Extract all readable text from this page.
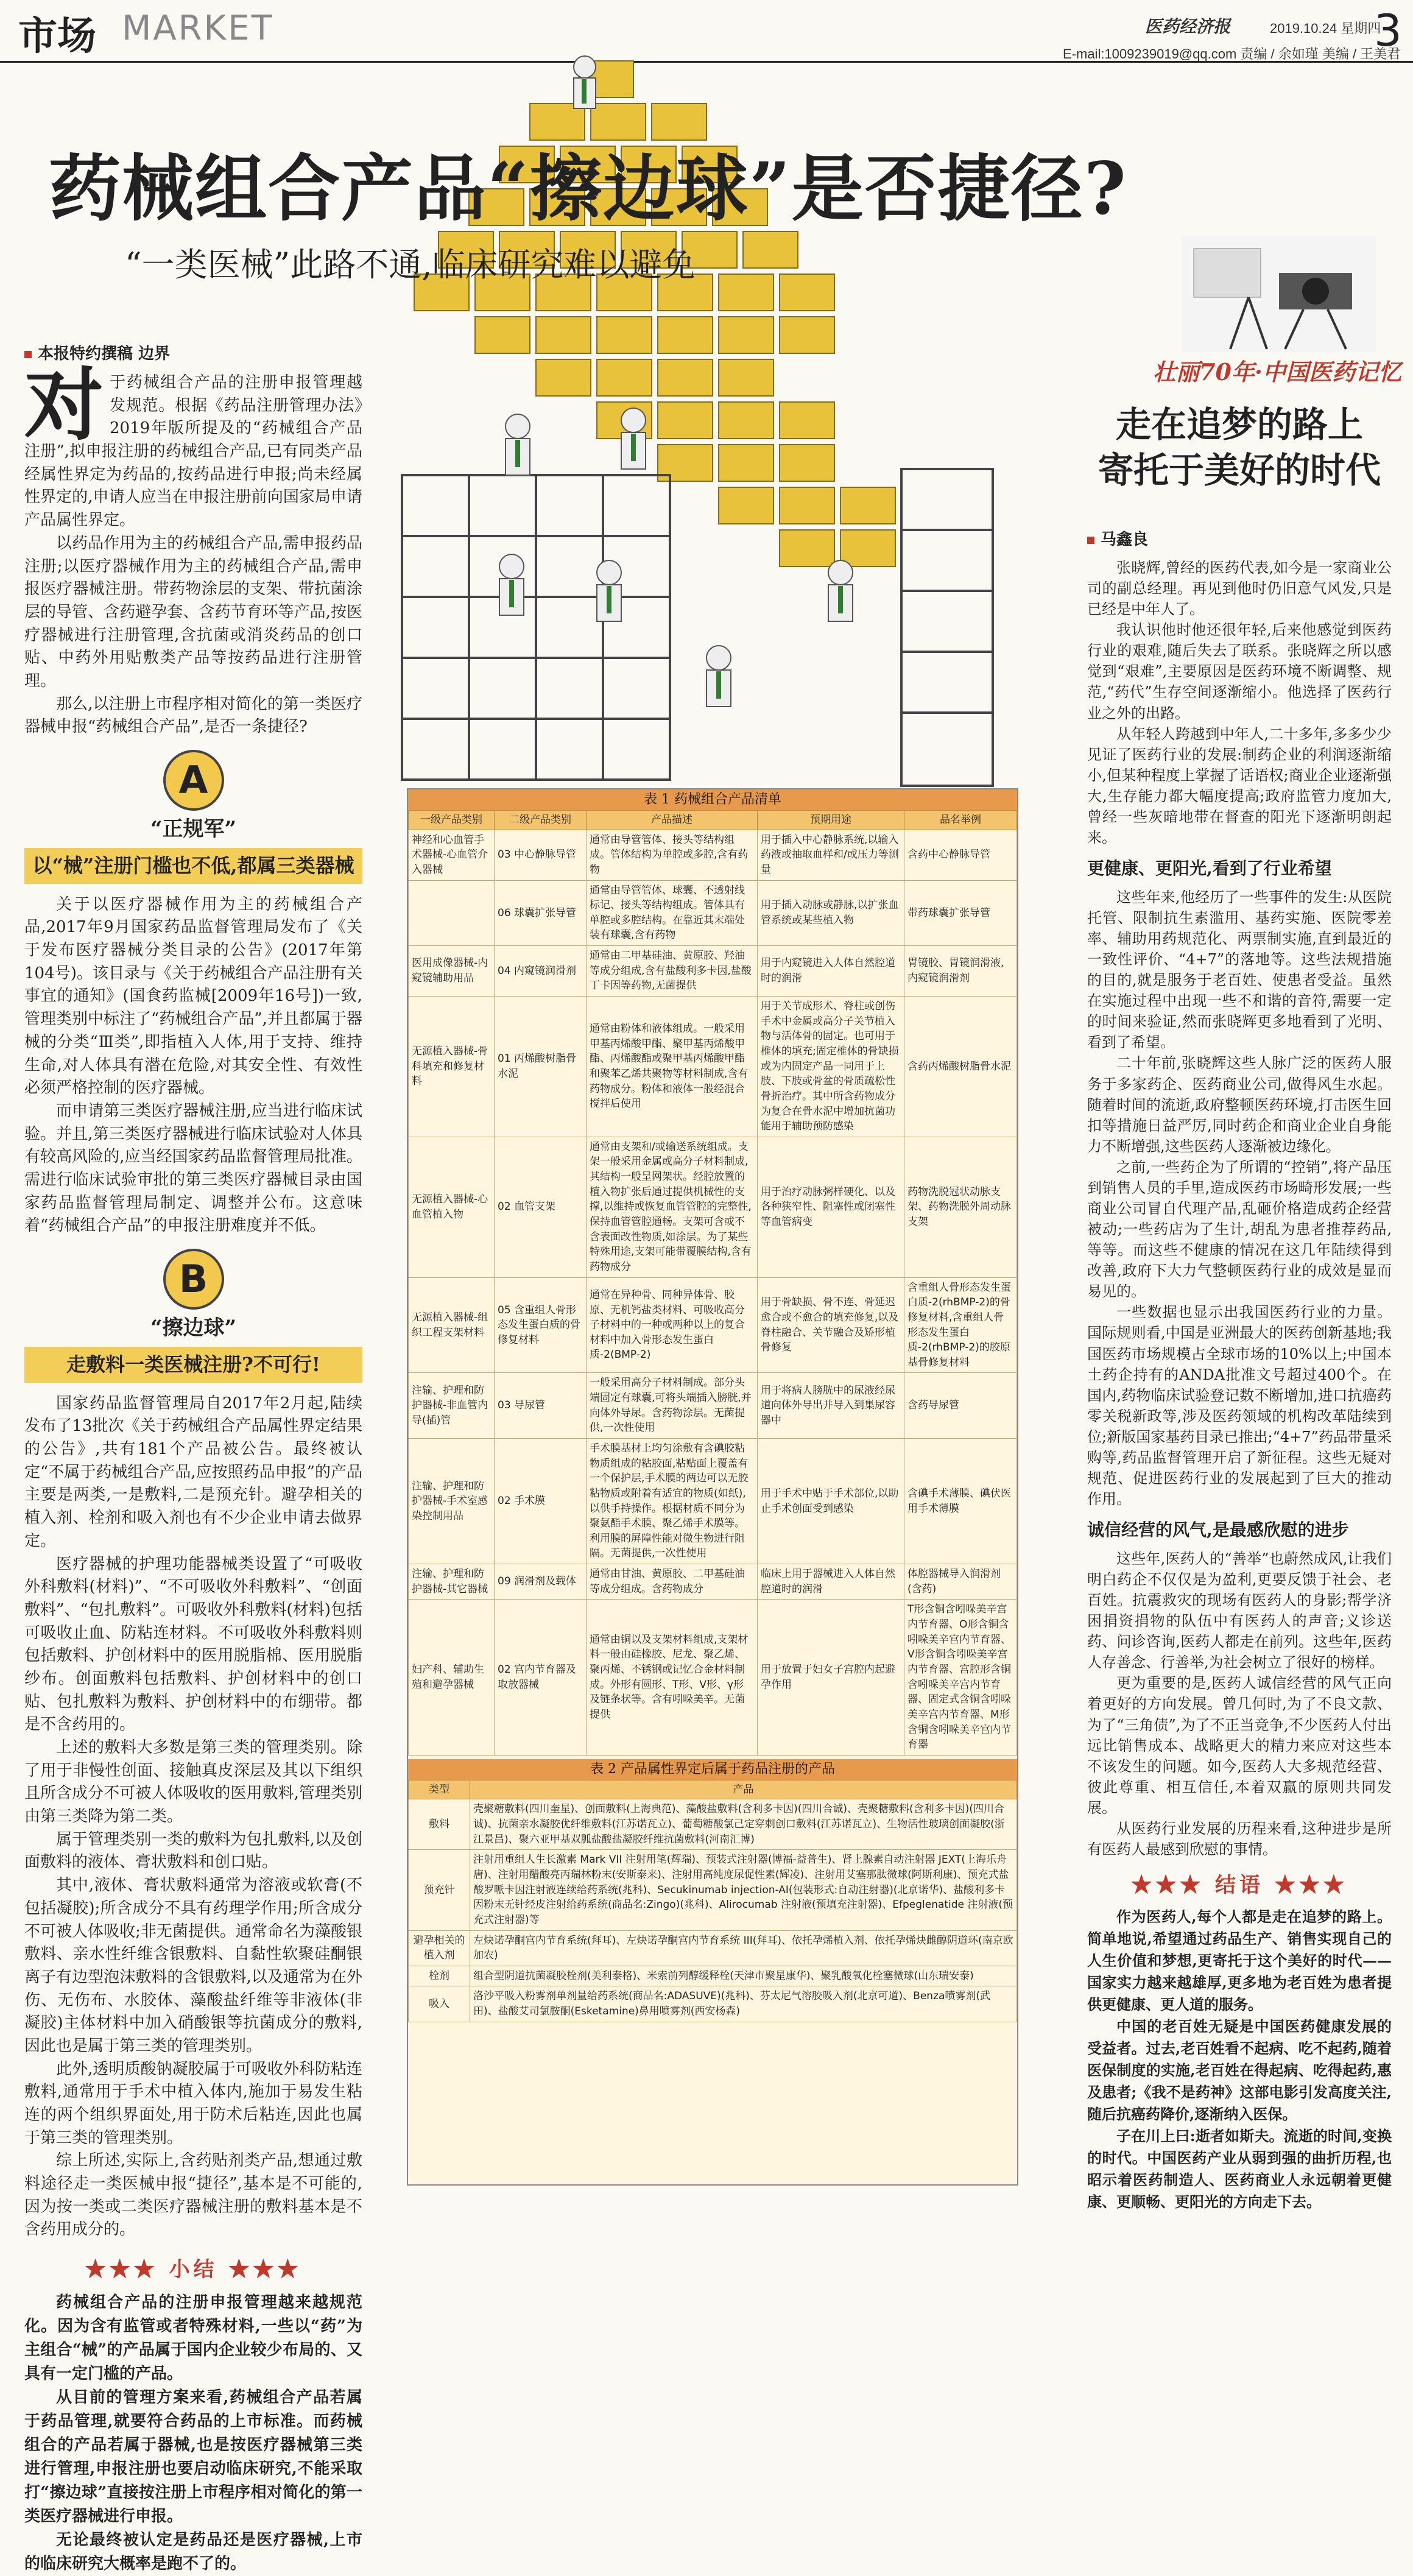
市场 MARKET	医药经济报	2019.10.24 星期四
3
E-mail:1009239019@qq.com 责编 / 余如瑾 美编 / 王美君
药械组合产品“擦边球”是否捷径?
“一类医械”此路不通,临床研究难以避免
本报特约撰稿 边界

对于药械组合产品的注册申报管理越发规范。根据《药品注册管理办法》2019年版所提及的“药械组合产品注册”,拟申报注册的药械组合产品,已有同类产品经属性界定为药品的,按药品进行申报;尚未经属性界定的,申请人应当在申报注册前向国家局申请产品属性界定。

以药品作用为主的药械组合产品,需申报药品注册;以医疗器械作用为主的药械组合产品,需申报医疗器械注册。带药物涂层的支架、带抗菌涂层的导管、含药避孕套、含药节育环等产品,按医疗器械进行注册管理,含抗菌或消炎药品的创口贴、中药外用贴敷类产品等按药品进行注册管理。

那么,以注册上市程序相对简化的第一类医疗器械申报“药械组合产品”,是否一条捷径?

A
“正规军”
以“械”注册门槛也不低,都属三类器械

关于以医疗器械作用为主的药械组合产品,2017年9月国家药品监督管理局发布了《关于发布医疗器械分类目录的公告》(2017年第104号)。该目录与《关于药械组合产品注册有关事宜的通知》(国食药监械[2009年16号])一致,管理类别中标注了“药械组合产品”,并且都属于器械的分类“Ⅲ类”,即指植入人体,用于支持、维持生命,对人体具有潜在危险,对其安全性、有效性必须严格控制的医疗器械。

而申请第三类医疗器械注册,应当进行临床试验。并且,第三类医疗器械进行临床试验对人体具有较高风险的,应当经国家药品监督管理局批准。需进行临床试验审批的第三类医疗器械目录由国家药品监督管理局制定、调整并公布。这意味着“药械组合产品”的申报注册难度并不低。

B
“擦边球”
走敷料一类医械注册?不可行!

国家药品监督管理局自2017年2月起,陆续发布了13批次《关于药械组合产品属性界定结果的公告》,共有181个产品被公告。最终被认定“不属于药械组合产品,应按照药品申报”的产品主要是两类,一是敷料,二是预充针。避孕相关的植入剂、栓剂和吸入剂也有不少企业申请去做界定。

医疗器械的护理功能器械类设置了“可吸收外科敷料(材料)”、“不可吸收外科敷料”、“创面敷料”、“包扎敷料”。可吸收外科敷料(材料)包括可吸收止血、防粘连材料。不可吸收外科敷料则包括敷料、护创材料中的医用脱脂棉、医用脱脂纱布。创面敷料包括敷料、护创材料中的创口贴、包扎敷料为敷料、护创材料中的布绷带。都是不含药用的。

上述的敷料大多数是第三类的管理类别。除了用于非慢性创面、接触真皮深层及其以下组织且所含成分不可被人体吸收的医用敷料,管理类别由第三类降为第二类。

属于管理类别一类的敷料为包扎敷料,以及创面敷料的液体、膏状敷料和创口贴。

其中,液体、膏状敷料通常为溶液或软膏(不包括凝胶);所含成分不具有药理学作用;所含成分不可被人体吸收;非无菌提供。通常命名为藻酸银敷料、亲水性纤维含银敷料、自黏性软聚硅酮银离子有边型泡沫敷料的含银敷料,以及通常为在外伤、无伤布、水胶体、藻酸盐纤维等非液体(非凝胶)主体材料中加入硝酸银等抗菌成分的敷料,因此也是属于第三类的管理类别。

此外,透明质酸钠凝胶属于可吸收外科防粘连敷料,通常用于手术中植入体内,施加于易发生粘连的两个组织界面处,用于防术后粘连,因此也属于第三类的管理类别。

综上所述,实际上,含药贴剂类产品,想通过敷料途径走一类医械申报“捷径”,基本是不可能的,因为按一类或二类医疗器械注册的敷料基本是不含药用成分的。

★★★ 小结 ★★★

药械组合产品的注册申报管理越来越规范化。因为含有监管或者特殊材料,一些以“药”为主组合“械”的产品属于国内企业较少布局的、又具有一定门槛的产品。

从目前的管理方案来看,药械组合产品若属于药品管理,就要符合药品的上市标准。而药械组合的产品若属于器械,也是按医疗器械第三类进行管理,申报注册也要启动临床研究,不能采取打“擦边球”直接按注册上市程序相对简化的第一类医疗器械进行申报。

无论最终被认定是药品还是医疗器械,上市的临床研究大概率是跑不了的。

表 1 药械组合产品清单
一级产品类别	二级产品类别	产品描述	预期用途	品名举例
神经和心血管手术器械-心血管介入器械	03 中心静脉导管	通常由导管管体、接头等结构组成。管体结构为单腔或多腔,含有药物	用于插入中心静脉系统,以输入药液或抽取血样和/或压力等测量	含药中心静脉导管
	06 球囊扩张导管	通常由导管管体、球囊、不透射线标记、接头等结构组成。管体具有单腔或多腔结构。在靠近其末端处装有球囊,含有药物	用于插入动脉或静脉,以扩张血管系统或某些植入物	带药球囊扩张导管
医用成像器械-内窥镜辅助用品	04 内窥镜润滑剂	通常由二甲基硅油、黄原胶、羟油等成分组成,含有盐酸利多卡因,盐酸丁卡因等药物,无菌提供	用于内窥镜进入人体自然腔道时的润滑	胃镜胶、胃镜润滑液,内窥镜润滑剂
无源植入器械-骨科填充和修复材料	01 丙烯酸树脂骨水泥	通常由粉体和液体组成。一般采用甲基丙烯酸甲酯、聚甲基丙烯酸甲酯、丙烯酸酯或聚甲基丙烯酸甲酯和聚苯乙烯共聚物等材料制成,含有药物成分。粉体和液体一般经混合搅拌后使用	用于关节成形术、脊柱或创伤手术中金属或高分子关节植入物与活体骨的固定。也可用于椎体的填充;固定椎体的骨缺损或为内固定产品一同用于上肢、下肢或骨盆的骨质疏松性骨折治疗。其中所含药物成分为复合在骨水泥中增加抗菌功能用于辅助预防感染	含药丙烯酸树脂骨水泥
无源植入器械-心血管植入物	02 血管支架	通常由支架和/或输送系统组成。支架一般采用金属或高分子材料制成,其结构一般呈网架状。经腔放置的植入物扩张后通过提供机械性的支撑,以维持或恢复血管管腔的完整性,保持血管管腔通畅。支架可含或不含表面改性物质,如涂层。为了某些特殊用途,支架可能带覆膜结构,含有药物成分	用于治疗动脉粥样硬化、以及各种狭窄性、阻塞性或闭塞性等血管病变	药物洗脱冠状动脉支架、药物洗脱外周动脉支架
无源植入器械-组织工程支架材料	05 含重组人骨形态发生蛋白质的骨修复材料	通常在异种骨、同种异体骨、胶原、无机钙盐类材料、可吸收高分子材料中的一种或两种以上的复合材料中加入骨形态发生蛋白质-2(BMP-2)	用于骨缺损、骨不连、骨延迟愈合或不愈合的填充修复,以及脊柱融合、关节融合及矫形植骨修复	含重组人骨形态发生蛋白质-2(rhBMP-2)的骨修复材料,含重组人骨形态发生蛋白质-2(rhBMP-2)的胶原基骨修复材料
注输、护理和防护器械-非血管内导(插)管	03 导尿管	一般采用高分子材料制成。部分头端固定有球囊,可将头端插入膀胱,并向体外导尿。含药物涂层。无菌提供,一次性使用	用于将病人膀胱中的尿液经尿道向体外导出并导入到集尿容器中	含药导尿管
注输、护理和防护器械-手术室感染控制用品	02 手术膜	手术膜基材上均匀涂敷有含碘胶粘物质组成的粘胶面,粘贴面上覆盖有一个保护层,手术膜的两边可以无胶粘物质或附着有适宜的物质(如纸),以供手持操作。根据材质不同分为聚氨酯手术膜、聚乙烯手术膜等。利用膜的屏障性能对微生物进行阻隔。无菌提供,一次性使用	用于手术中贴于手术部位,以助止手术创面受到感染	含碘手术薄膜、碘伏医用手术薄膜
注输、护理和防护器械-其它器械	09 润滑剂及载体	通常由甘油、黄原胶、二甲基硅油等成分组成。含药物成分	临床上用于器械进入人体自然腔道时的润滑	体腔器械导入润滑剂(含药)
妇产科、辅助生殖和避孕器械	02 宫内节育器及取放器械	通常由铜以及支架材料组成,支架材料一般由硅橡胶、尼龙、聚乙烯、聚丙烯、不锈钢或记忆合金材料制成。外形有圆形、T形、V形、γ形及链条状等。含有吲哚美辛。无菌提供	用于放置于妇女子宫腔内起避孕作用	T形含铜含吲哚美辛宫内节育器、O形含铜含吲哚美辛宫内节育器、V形含铜含吲哚美辛宫内节育器、宫腔形含铜含吲哚美辛宫内节育器、固定式含铜含吲哚美辛宫内节育器、M形含铜含吲哚美辛宫内节育器
表 2 产品属性界定后属于药品注册的产品
类型	产品
敷料	壳聚糖敷料(四川奎星)、创面敷料(上海典范)、藻酸盐敷料(含利多卡因)(四川合诚)、壳聚糖敷料(含利多卡因)(四川合诚)、抗菌亲水凝胶优纤维敷料(江苏诺瓦立)、葡萄糖酸氯己定穿刺创口敷料(江苏诺瓦立)、生物活性玻璃创面凝胶(浙江景昌)、聚六亚甲基双胍盐酸盐凝胶纤维抗菌敷料(河南汇博)
预充针	注射用重组人生长激素 Mark VII 注射用笔(辉瑞)、预装式注射器(博福-益普生)、肾上腺素自动注射器 JEXT(上海乐舟唐)、注射用醋酸亮丙瑞林粉末(安斯泰来)、注射用高纯度尿促性素(辉凌)、注射用艾塞那肽微球(阿斯利康)、预充式盐酸罗哌卡因注射液连续给药系统(兆科)、Secukinumab injection-AI(包装形式:自动注射器)(北京诺华)、盐酸利多卡因粉末无针经皮注射给药系统(商品名:Zingo)(兆科)、Alirocumab 注射液(预填充注射器)、Efpeglenatide 注射液(预充式注射器)等
避孕相关的植入剂	左炔诺孕酮宫内节育系统(拜耳)、左炔诺孕酮宫内节育系统 III(拜耳)、依托孕烯植入剂、依托孕烯炔雌醇阴道环(南京欧加农)
栓剂	组合型阴道抗菌凝胶栓剂(美利泰格)、米索前列醇缓释栓(天津市聚星康华)、聚乳酸氧化栓塞微球(山东瑞安泰)
吸入	洛沙平吸入粉雾剂单剂量给药系统(商品名:ADASUVE)(兆科)、芬太尼气溶胶吸入剂(北京可道)、Benza喷雾剂(武田)、盐酸艾司氯胺酮(Esketamine)鼻用喷雾剂(西安杨森)
壮丽70年·中国医药记忆
走在追梦的路上
寄托于美好的时代
马鑫良

张晓辉,曾经的医药代表,如今是一家商业公司的副总经理。再见到他时仍旧意气风发,只是已经是中年人了。

我认识他时他还很年轻,后来他感觉到医药行业的艰难,随后失去了联系。张晓辉之所以感觉到“艰难”,主要原因是医药环境不断调整、规范,“药代”生存空间逐渐缩小。他选择了医药行业之外的出路。

从年轻人跨越到中年人,二十多年,多多少少见证了医药行业的发展:制药企业的利润逐渐缩小,但某种程度上掌握了话语权;商业企业逐渐强大,生存能力都大幅度提高;政府监管力度加大,曾经一些灰暗地带在督查的阳光下逐渐明朗起来。

更健康、更阳光,看到了行业希望

这些年来,他经历了一些事件的发生:从医院托管、限制抗生素滥用、基药实施、医院零差率、辅助用药规范化、两票制实施,直到最近的一致性评价、“4+7”的落地等。这些法规措施的目的,就是服务于老百姓、使患者受益。虽然在实施过程中出现一些不和谐的音符,需要一定的时间来验证,然而张晓辉更多地看到了光明、看到了希望。

二十年前,张晓辉这些人脉广泛的医药人服务于多家药企、医药商业公司,做得风生水起。随着时间的流逝,政府整顿医药环境,打击医生回扣等措施日益严厉,同时药企和商业企业自身能力不断增强,这些医药人逐渐被边缘化。

之前,一些药企为了所谓的“控销”,将产品压到销售人员的手里,造成医药市场畸形发展;一些商业公司冒自代理产品,乱砸价格造成药企经营被动;一些药店为了生计,胡乱为患者推荐药品,等等。而这些不健康的情况在这几年陆续得到改善,政府下大力气整顿医药行业的成效是显而易见的。

一些数据也显示出我国医药行业的力量。国际规则看,中国是亚洲最大的医药创新基地;我国医药市场规模占全球市场的10%以上;中国本土药企持有的ANDA批准文号超过400个。在国内,药物临床试验登记数不断增加,进口抗癌药零关税新政等,涉及医药领域的机构改革陆续到位;新版国家基药目录已推出;“4+7”药品带量采购等,药品监督管理开启了新征程。这些无疑对规范、促进医药行业的发展起到了巨大的推动作用。

诚信经营的风气,是最感欣慰的进步

这些年,医药人的“善举”也蔚然成风,让我们明白药企不仅仅是为盈利,更要反馈于社会、老百姓。抗震救灾的现场有医药人的身影;帮学济困捐资捐物的队伍中有医药人的声音;义诊送药、问诊咨询,医药人都走在前列。这些年,医药人存善念、行善举,为社会树立了很好的榜样。

更为重要的是,医药人诚信经营的风气正向着更好的方向发展。曾几何时,为了不良文款、为了“三角债”,为了不正当竞争,不少医药人付出远比销售成本、战略更大的精力来应对这些本不该发生的问题。如今,医药人大多规范经营、彼此尊重、相互信任,本着双赢的原则共同发展。

从医药行业发展的历程来看,这种进步是所有医药人最感到欣慰的事情。

★★★ 结语 ★★★

作为医药人,每个人都是走在追梦的路上。简单地说,希望通过药品生产、销售实现自己的人生价值和梦想,更寄托于这个美好的时代——国家实力越来越雄厚,更多地为老百姓为患者提供更健康、更人道的服务。

中国的老百姓无疑是中国医药健康发展的受益者。过去,老百姓看不起病、吃不起药,随着医保制度的实施,老百姓在得起病、吃得起药,惠及患者;《我不是药神》这部电影引发高度关注,随后抗癌药降价,逐渐纳入医保。

子在川上曰:逝者如斯夫。流逝的时间,变换的时代。中国医药产业从弱到强的曲折历程,也昭示着医药制造人、医药商业人永远朝着更健康、更顺畅、更阳光的方向走下去。
